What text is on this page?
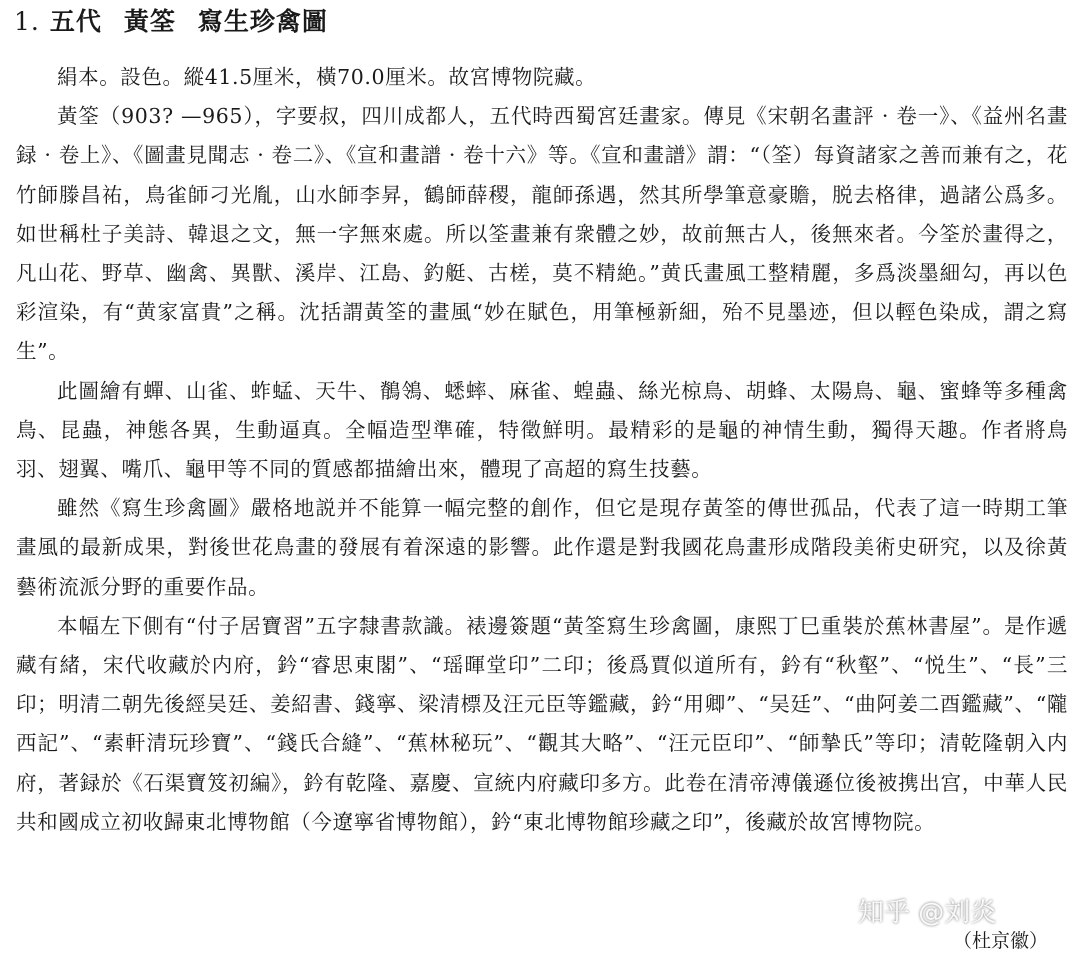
1. 五代 黃筌 寫生珍禽圖

絹本。設色。縱41.5厘米，橫70.0厘米。故宮博物院藏。

黃筌（903? —965），字要叔，四川成都人，五代時西蜀宮廷畫家。傳見《宋朝名畫評 · 卷一》、《益州名畫録 · 卷上》、《圖畫見聞志 · 卷二》、《宣和畫譜 · 卷十六》等。《宣和畫譜》謂：“（筌）每資諸家之善而兼有之，花竹師滕昌祐，鳥雀師刁光胤，山水師李昇，鶴師薛稷，龍師孫遇，然其所學筆意豪贍，脱去格律，過諸公爲多。如世稱杜子美詩、韓退之文，無一字無來處。所以筌畫兼有衆體之妙，故前無古人，後無來者。今筌於畫得之，凡山花、野草、幽禽、異獸、溪岸、江島、釣艇、古槎，莫不精絶。”黄氏畫風工整精麗，多爲淡墨細勾，再以色彩渲染，有“黄家富貴”之稱。沈括謂黃筌的畫風“妙在賦色，用筆極新細，殆不見墨迹，但以輕色染成，謂之寫生”。

此圖繪有蟬、山雀、蚱蜢、天牛、鶺鴒、蟋蟀、麻雀、蝗蟲、絲光椋鳥、胡蜂、太陽鳥、龜、蜜蜂等多種禽鳥、昆蟲，神態各異，生動逼真。全幅造型準確，特徵鮮明。最精彩的是龜的神情生動，獨得天趣。作者將鳥羽、翅翼、嘴爪、龜甲等不同的質感都描繪出來，體現了高超的寫生技藝。

雖然《寫生珍禽圖》嚴格地説并不能算一幅完整的創作，但它是現存黃筌的傳世孤品，代表了這一時期工筆畫風的最新成果，對後世花鳥畫的發展有着深遠的影響。此作還是對我國花鳥畫形成階段美術史研究，以及徐黃藝術流派分野的重要作品。

本幅左下側有“付子居寶習”五字隸書款識。裱邊簽題“黃筌寫生珍禽圖，康熙丁巳重裝於蕉林書屋”。是作遞藏有緒，宋代收藏於内府，鈐“睿思東閣”、“瑶暉堂印”二印；後爲賈似道所有，鈐有“秋壑”、“悦生”、“長”三印；明清二朝先後經吴廷、姜紹書、錢寧、梁清標及汪元臣等鑑藏，鈐“用卿”、“吴廷”、“曲阿姜二酉鑑藏”、“隴西記”、“素軒清玩珍寶”、“錢氏合縫”、“蕉林秘玩”、“觀其大略”、“汪元臣印”、“師摯氏”等印；清乾隆朝入内府，著録於《石渠寶笈初編》，鈐有乾隆、嘉慶、宣統内府藏印多方。此卷在清帝溥儀遜位後被携出宫，中華人民共和國成立初收歸東北博物館（今遼寧省博物館），鈐“東北博物館珍藏之印”，後藏於故宮博物院。

知乎 @刘炎

（杜京徽）
